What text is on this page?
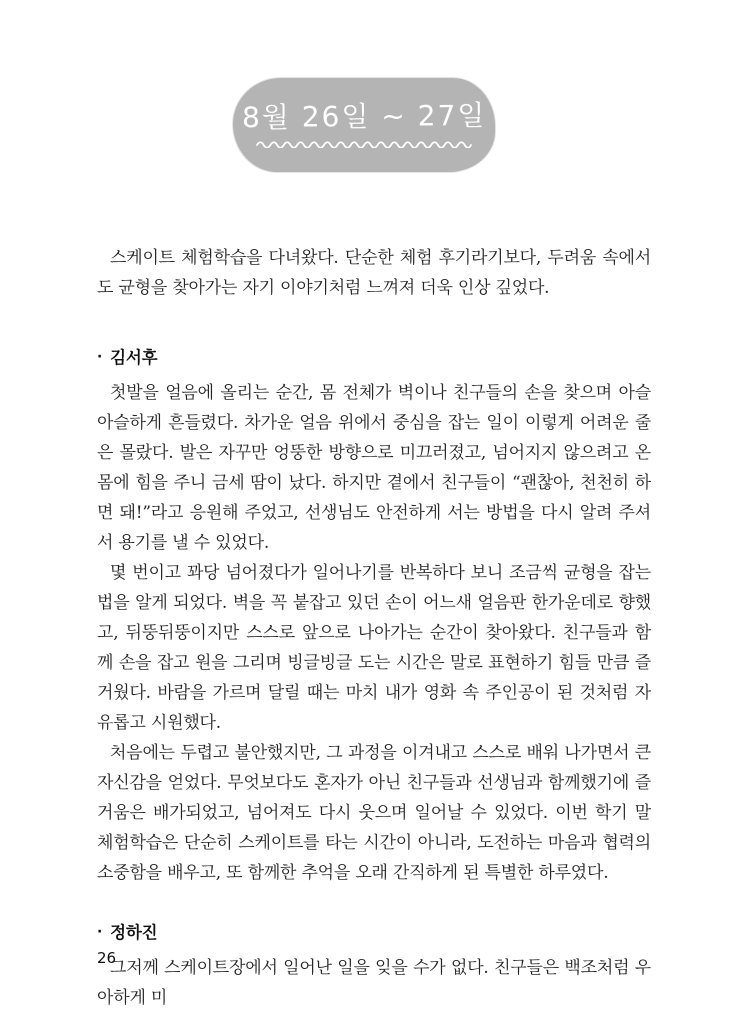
8월 26일 ~ 27일

스케이트 체험학습을 다녀왔다. 단순한 체험 후기라기보다, 두려움 속에서도 균형을 찾아가는 자기 이야기처럼 느껴져 더욱 인상 깊었다.

· 김서후

첫발을 얼음에 올리는 순간, 몸 전체가 벽이나 친구들의 손을 찾으며 아슬아슬하게 흔들렸다. 차가운 얼음 위에서 중심을 잡는 일이 이렇게 어려운 줄은 몰랐다. 발은 자꾸만 엉뚱한 방향으로 미끄러졌고, 넘어지지 않으려고 온몸에 힘을 주니 금세 땀이 났다. 하지만 곁에서 친구들이 “괜찮아, 천천히 하면 돼!”라고 응원해 주었고, 선생님도 안전하게 서는 방법을 다시 알려 주셔서 용기를 낼 수 있었다.

몇 번이고 꽈당 넘어졌다가 일어나기를 반복하다 보니 조금씩 균형을 잡는 법을 알게 되었다. 벽을 꼭 붙잡고 있던 손이 어느새 얼음판 한가운데로 향했고, 뒤뚱뒤뚱이지만 스스로 앞으로 나아가는 순간이 찾아왔다. 친구들과 함께 손을 잡고 원을 그리며 빙글빙글 도는 시간은 말로 표현하기 힘들 만큼 즐거웠다. 바람을 가르며 달릴 때는 마치 내가 영화 속 주인공이 된 것처럼 자유롭고 시원했다.

처음에는 두렵고 불안했지만, 그 과정을 이겨내고 스스로 배워 나가면서 큰 자신감을 얻었다. 무엇보다도 혼자가 아닌 친구들과 선생님과 함께했기에 즐거움은 배가되었고, 넘어져도 다시 웃으며 일어날 수 있었다. 이번 학기 말 체험학습은 단순히 스케이트를 타는 시간이 아니라, 도전하는 마음과 협력의 소중함을 배우고, 또 함께한 추억을 오래 간직하게 된 특별한 하루였다.

· 정하진

그저께 스케이트장에서 일어난 일을 잊을 수가 없다. 친구들은 백조처럼 우아하게 미

26
